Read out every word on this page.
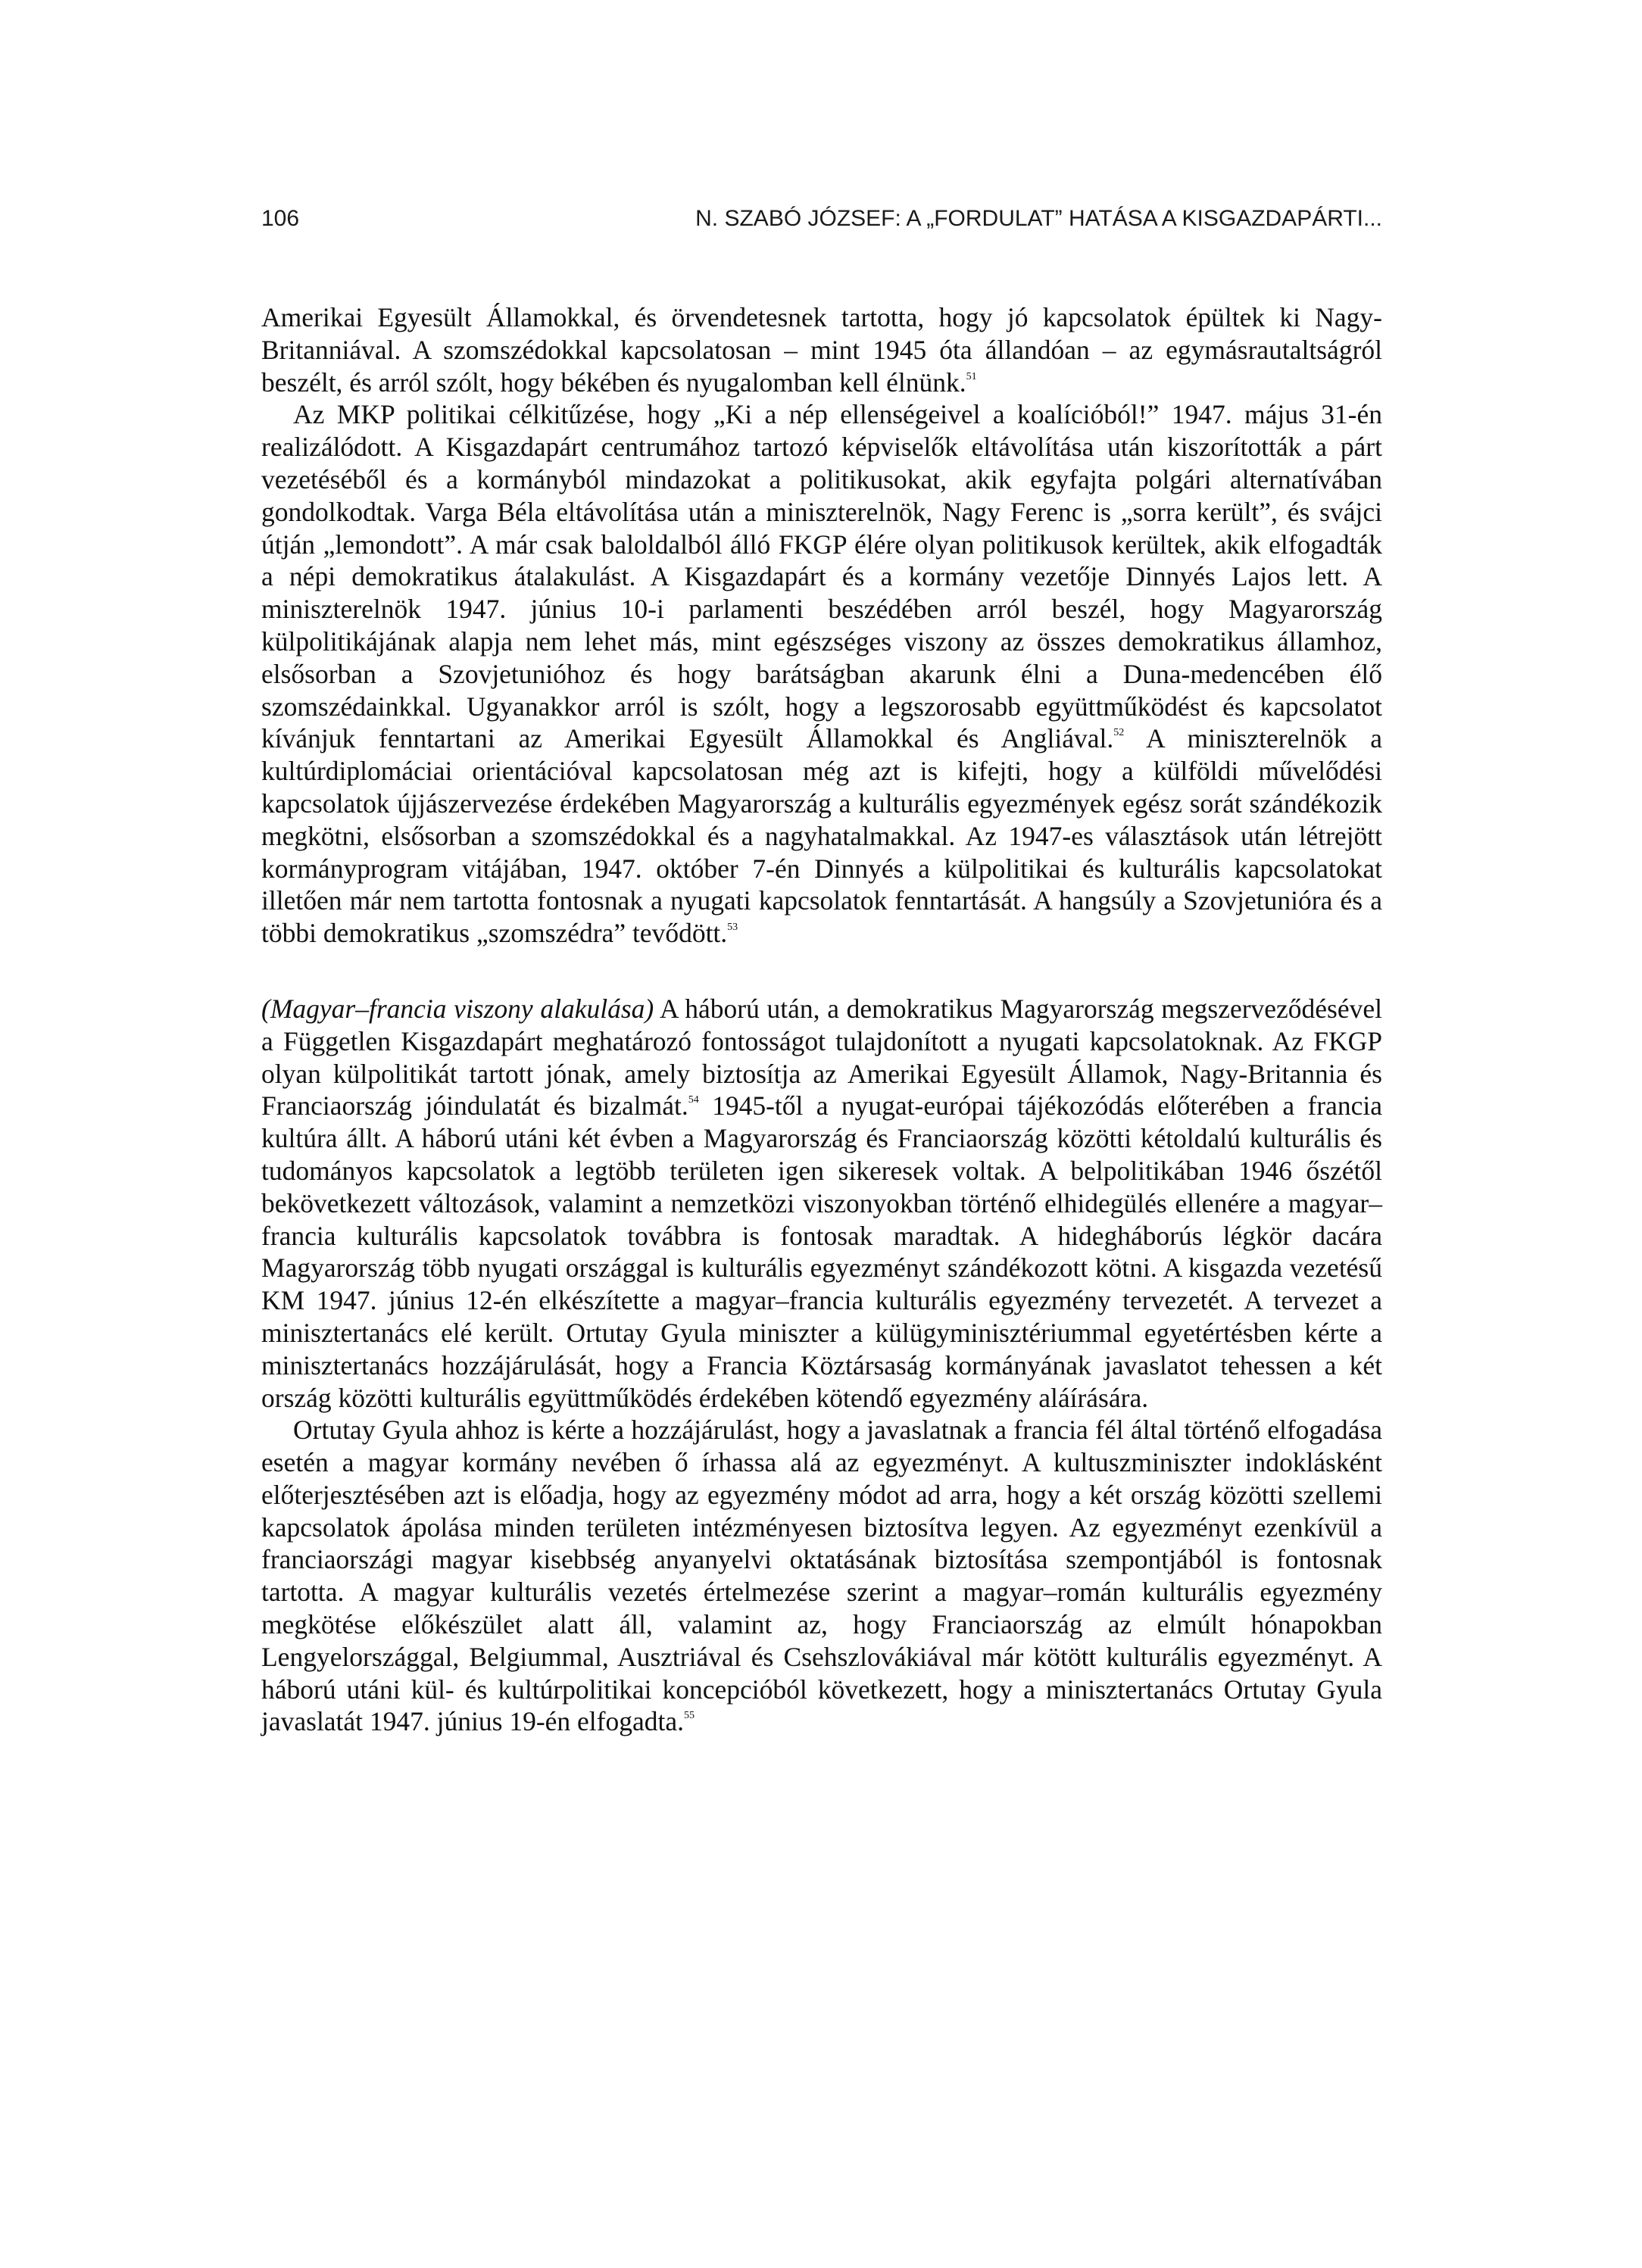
106	N. SZABÓ JÓZSEF: A „FORDULAT” HATÁSA A KISGAZDAPÁRTI...

Amerikai Egyesült Államokkal, és örvendetesnek tartotta, hogy jó kapcsolatok épültek ki Nagy-Britanniával. A szomszédokkal kapcsolatosan – mint 1945 óta állandóan – az egymásrautaltságról beszélt, és arról szólt, hogy békében és nyugalomban kell élnünk.$^{51}$

Az MKP politikai célkitűzése, hogy „Ki a nép ellenségeivel a koalícióból!” 1947. május 31-én realizálódott. A Kisgazdapárt centrumához tartozó képviselők eltávolítása után kiszorították a párt vezetéséből és a kormányból mindazokat a politikusokat, akik egyfajta polgári alternatívában gondolkodtak. Varga Béla eltávolítása után a miniszterelnök, Nagy Ferenc is „sorra került”, és svájci útján „lemondott”. A már csak baloldalból álló FKGP élére olyan politikusok kerültek, akik elfogadták a népi demokratikus átalakulást. A Kisgazdapárt és a kormány vezetője Dinnyés Lajos lett. A miniszterelnök 1947. június 10-i parlamenti beszédében arról beszél, hogy Magyarország külpolitikájának alapja nem lehet más, mint egészséges viszony az összes demokratikus államhoz, elsősorban a Szovjetunióhoz és hogy barátságban akarunk élni a Duna-medencében élő szomszédainkkal. Ugyanakkor arról is szólt, hogy a legszorosabb együttműködést és kapcsolatot kívánjuk fenntartani az Amerikai Egyesült Államokkal és Angliával.$^{52}$ A miniszterelnök a kultúrdiplomáciai orientációval kapcsolatosan még azt is kifejti, hogy a külföldi művelődési kapcsolatok újjászervezése érdekében Magyarország a kulturális egyezmények egész sorát szándékozik megkötni, elsősorban a szomszédokkal és a nagyhatalmakkal. Az 1947-es választások után létrejött kormányprogram vitájában, 1947. október 7-én Dinnyés a külpolitikai és kulturális kapcsolatokat illetően már nem tartotta fontosnak a nyugati kapcsolatok fenntartását. A hangsúly a Szovjetunióra és a többi demokratikus „szomszédra” tevődött.$^{53}$

(Magyar–francia viszony alakulása) A háború után, a demokratikus Magyarország megszerveződésével a Független Kisgazdapárt meghatározó fontosságot tulajdonított a nyugati kapcsolatoknak. Az FKGP olyan külpolitikát tartott jónak, amely biztosítja az Amerikai Egyesült Államok, Nagy-Britannia és Franciaország jóindulatát és bizalmát.$^{54}$ 1945-től a nyugat-európai tájékozódás előterében a francia kultúra állt. A háború utáni két évben a Magyarország és Franciaország közötti kétoldalú kulturális és tudományos kapcsolatok a legtöbb területen igen sikeresek voltak. A belpolitikában 1946 őszétől bekövetkezett változások, valamint a nemzetközi viszonyokban történő elhidegülés ellenére a magyar–francia kulturális kapcsolatok továbbra is fontosak maradtak. A hidegháborús légkör dacára Magyarország több nyugati országgal is kulturális egyezményt szándékozott kötni. A kisgazda vezetésű KM 1947. június 12-én elkészítette a magyar–francia kulturális egyezmény tervezetét. A tervezet a minisztertanács elé került. Ortutay Gyula miniszter a külügyminisztériummal egyetértésben kérte a minisztertanács hozzájárulását, hogy a Francia Köztársaság kormányának javaslatot tehessen a két ország közötti kulturális együttműködés érdekében kötendő egyezmény aláírására.

Ortutay Gyula ahhoz is kérte a hozzájárulást, hogy a javaslatnak a francia fél által történő elfogadása esetén a magyar kormány nevében ő írhassa alá az egyezményt. A kultuszminiszter indoklásként előterjesztésében azt is előadja, hogy az egyezmény módot ad arra, hogy a két ország közötti szellemi kapcsolatok ápolása minden területen intézményesen biztosítva legyen. Az egyezményt ezenkívül a franciaországi magyar kisebbség anyanyelvi oktatásának biztosítása szempontjából is fontosnak tartotta. A magyar kulturális vezetés értelmezése szerint a magyar–román kulturális egyezmény megkötése előkészület alatt áll, valamint az, hogy Franciaország az elmúlt hónapokban Lengyelországgal, Belgiummal, Ausztriával és Csehszlovákiával már kötött kulturális egyezményt. A háború utáni kül- és kultúrpolitikai koncepcióból következett, hogy a minisztertanács Ortutay Gyula javaslatát 1947. június 19-én elfogadta.$^{55}$
